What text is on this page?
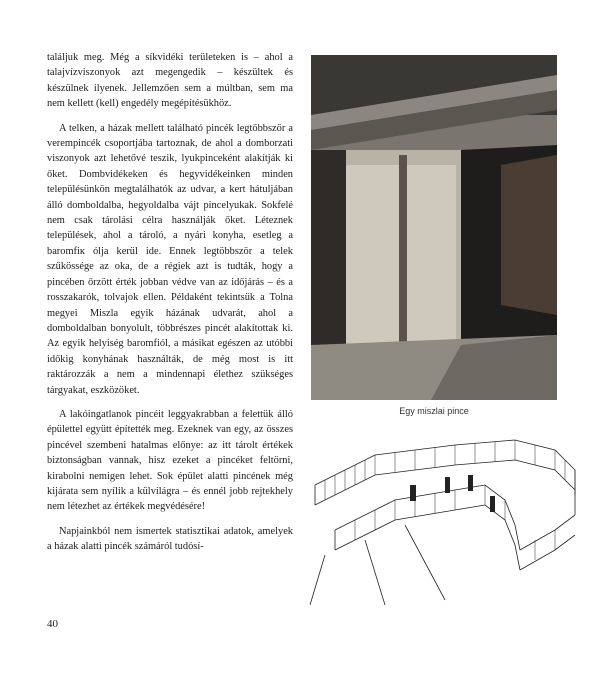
találjuk meg. Még a síkvidéki területeken is – ahol a talajvízviszonyok azt megengedik – készültek és készülnek ilyenek. Jellemzően sem a múltban, sem ma nem kellett (kell) engedély megépítésükhöz.

A telken, a házak mellett található pincék legtöbbször a verempincék csoportjába tartoznak, de ahol a domborzati viszonyok azt lehetővé teszik, lyukpinceként alakítják ki őket. Dombvidékeken és hegyvidékeinken minden településünkön megtalálhatók az udvar, a kert hátuljában álló domboldalba, hegyoldalba vájt pincelyukak. Sokfelé nem csak tárolási célra használják őket. Léteznek települések, ahol a tároló, a nyári konyha, esetleg a baromfiк ólja kerül ide. Ennek legtöbbször a telek szűkössége az oka, de a régiek azt is tudták, hogy a pincében őrzött érték jobban védve van az időjárás – és a rosszakarók, tolvajok ellen. Példaként tekintsük a Tolna megyei Miszla egyik házának udvarát, ahol a domboldalban bonyolult, többrészes pincét alakítottak ki. Az egyik helyiség baromfiól, a másikat egészen az utóbbi időkig konyhának használták, de még most is itt raktározzák a nem a mindennapi élethez szükséges tárgyakat, eszközöket.

A lakóingatlanok pincéit leggyakrabban a felettük álló épülettel együtt építették meg. Ezeknek van egy, az összes pincével szembeni hatalmas előnye: az itt tárolt értékek biztonságban vannak, hisz ezeket a pincéket feltörni, kirabolni nemigen lehet. Sok épület alatti pincének még kijárata sem nyílik a külvilágra – és ennél jobb rejtekhely nem létezhet az értékek megvédésére!

Napjainkból nem ismertek statisztikai adatok, amelyek a házak alatti pincék számáról tudósí-

40
Egy miszlai pince
